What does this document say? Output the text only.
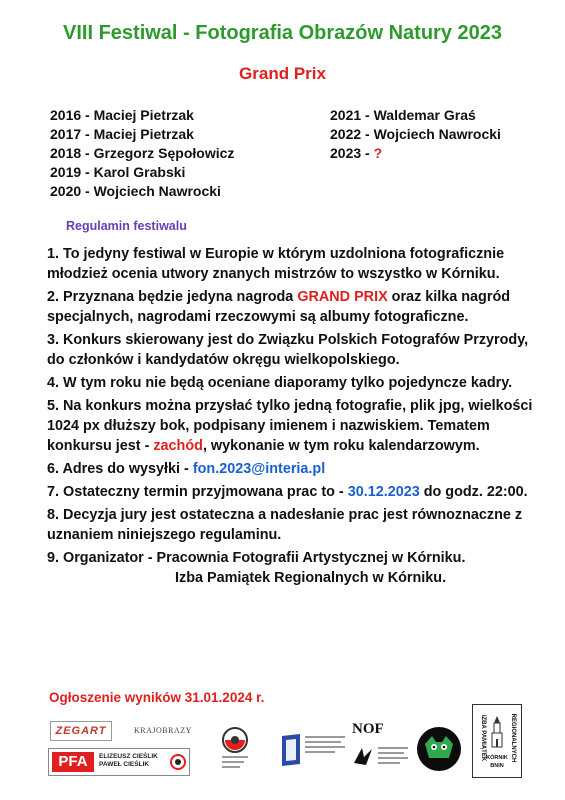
VIII Festiwal - Fotografia Obrazów Natury 2023
Grand Prix
2016 - Maciej Pietrzak
2017 - Maciej Pietrzak
2018 - Grzegorz Sępołowicz
2019 - Karol Grabski
2020 - Wojciech Nawrocki
2021 - Waldemar Graś
2022 - Wojciech Nawrocki
2023 - ?
Regulamin festiwalu
1. To jedyny festiwal w Europie w którym uzdolniona fotograficznie młodzież ocenia utwory znanych mistrzów to wszystko w Kórniku.
2. Przyznana będzie jedyna nagroda GRAND PRIX oraz kilka nagród specjalnych, nagrodami rzeczowymi są albumy fotograficzne.
3. Konkurs skierowany jest do Związku Polskich Fotografów Przyrody, do członków i kandydatów okręgu wielkopolskiego.
4. W tym roku nie będą oceniane diaporamy tylko pojedyncze kadry.
5. Na konkurs można przysłać tylko jedną fotografie, plik jpg, wielkości 1024 px dłuższy bok, podpisany imienem i nazwiskiem. Tematem konkursu jest - zachód, wykonanie w tym roku kalendarzowym.
6. Adres do wysyłki - fon.2023@interia.pl
7. Ostateczny termin przyjmowana prac to - 30.12.2023 do godz. 22:00.
8. Decyzja jury jest ostateczna a nadesłanie prac jest równoznaczne z uznaniem niniejszego regulaminu.
9. Organizator - Pracownia Fotografii Artystycznej w Kórniku.
Izba Pamiątek Regionalnych w Kórniku.
Ogłoszenie wyników 31.01.2024 r.
ZEGART	KRAJOBRAZY
PFA	ELIZEUSZ CIEŚLIK
PAWEŁ CIEŚLIK
NOF	IZBA PAMIĄTEK	REGIONALNYCH
KÓRNIK
BNIN
